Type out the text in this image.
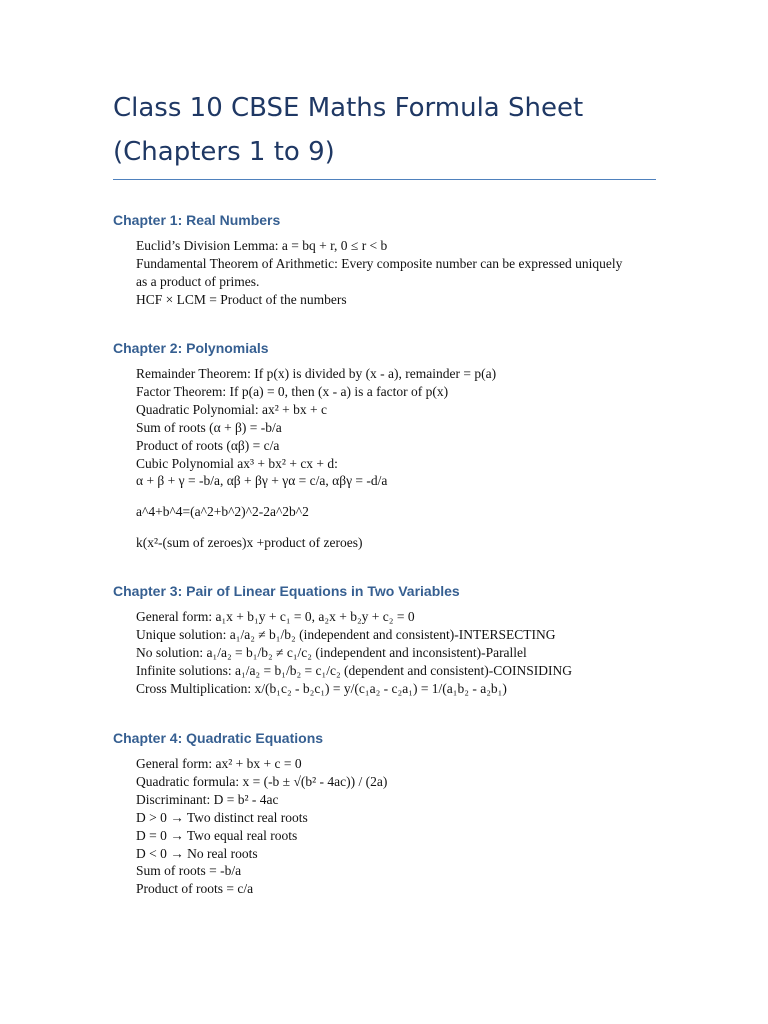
Class 10 CBSE Maths Formula Sheet
(Chapters 1 to 9)
Chapter 1: Real Numbers

Euclid’s Division Lemma: a = bq + r, 0 ≤ r < b

Fundamental Theorem of Arithmetic: Every composite number can be expressed uniquely as a product of primes.

HCF × LCM = Product of the numbers

Chapter 2: Polynomials

Remainder Theorem: If p(x) is divided by (x - a), remainder = p(a)

Factor Theorem: If p(a) = 0, then (x - a) is a factor of p(x)

Quadratic Polynomial: ax² + bx + c

Sum of roots (α + β) = -b/a

Product of roots (αβ) = c/a

Cubic Polynomial ax³ + bx² + cx + d:

α + β + γ = -b/a, αβ + βγ + γα = c/a, αβγ = -d/a

a^4+b^4=(a^2+b^2)^2-2a^2b^2

k(x²-(sum of zeroes)x +product of zeroes)

Chapter 3: Pair of Linear Equations in Two Variables

General form: a₁x + b₁y + c₁ = 0, a₂x + b₂y + c₂ = 0

Unique solution: a₁/a₂ ≠ b₁/b₂ (independent and consistent)-INTERSECTING

No solution: a₁/a₂ = b₁/b₂ ≠ c₁/c₂ (independent and inconsistent)-Parallel

Infinite solutions: a₁/a₂ = b₁/b₂ = c₁/c₂ (dependent and consistent)-COINSIDING

Cross Multiplication: x/(b₁c₂ - b₂c₁) = y/(c₁a₂ - c₂a₁) = 1/(a₁b₂ - a₂b₁)

Chapter 4: Quadratic Equations

General form: ax² + bx + c = 0

Quadratic formula: x = (-b ± √(b² - 4ac)) / (2a)

Discriminant: D = b² - 4ac

D > 0 → Two distinct real roots

D = 0 → Two equal real roots

D < 0 → No real roots

Sum of roots = -b/a

Product of roots = c/a
